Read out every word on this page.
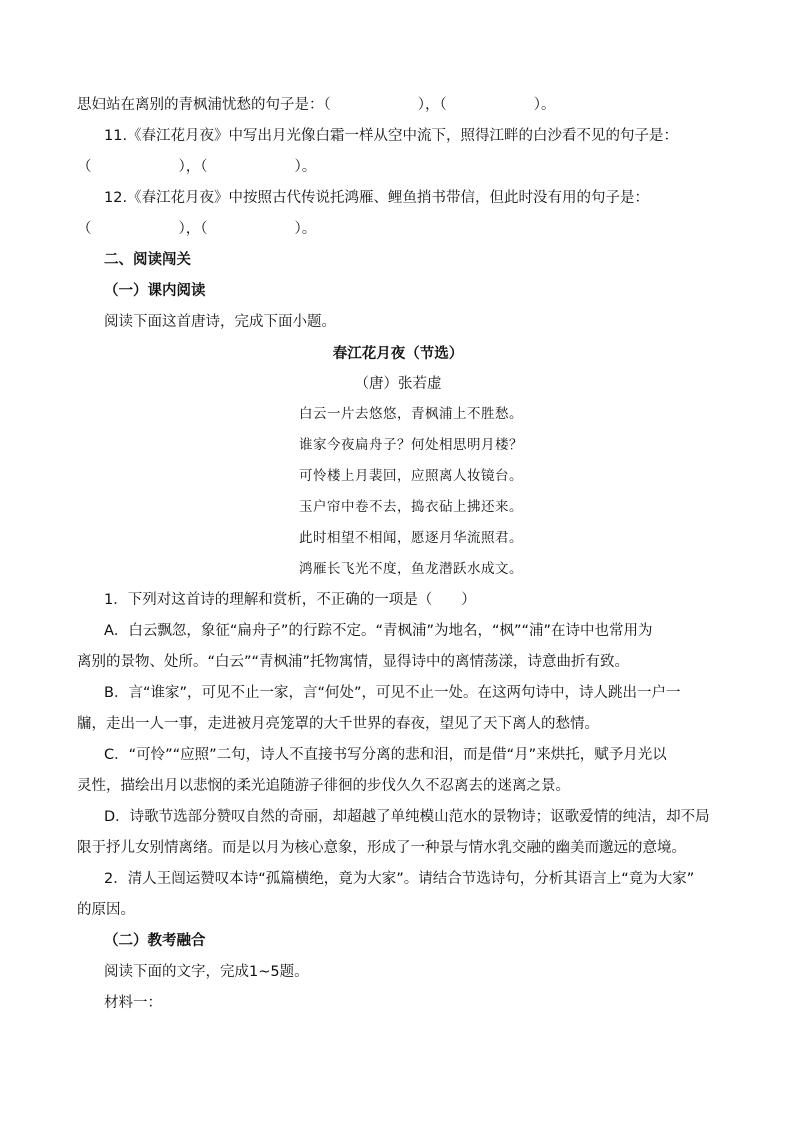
思妇站在离别的青枫浦忧愁的句子是：（　　　　　　），（　　　　　　）。
11.《春江花月夜》中写出月光像白霜一样从空中流下，照得江畔的白沙看不见的句子是：
（　　　　　　），（　　　　　　）。
12.《春江花月夜》中按照古代传说托鸿雁、鲤鱼捎书带信，但此时没有用的句子是：
（　　　　　　），（　　　　　　）。
二、阅读闯关
（一）课内阅读
阅读下面这首唐诗，完成下面小题。
春江花月夜（节选）
（唐）张若虚
白云一片去悠悠，青枫浦上不胜愁。
谁家今夜扁舟子？何处相思明月楼？
可怜楼上月裴回，应照离人妆镜台。
玉户帘中卷不去，捣衣砧上拂还来。
此时相望不相闻，愿逐月华流照君。
鸿雁长飞光不度，鱼龙潜跃水成文。
1．下列对这首诗的理解和赏析，不正确的一项是（　　）
A．白云飘忽，象征“扁舟子”的行踪不定。“青枫浦”为地名，“枫”“浦”在诗中也常用为
离别的景物、处所。“白云”“青枫浦”托物寓情，显得诗中的离情荡漾，诗意曲折有致。
B．言“谁家”，可见不止一家，言“何处”，可见不止一处。在这两句诗中，诗人跳出一户一
牖，走出一人一事，走进被月亮笼罩的大千世界的春夜，望见了天下离人的愁情。
C．“可怜”“应照”二句，诗人不直接书写分离的悲和泪，而是借“月”来烘托，赋予月光以
灵性，描绘出月以悲悯的柔光追随游子徘徊的步伐久久不忍离去的迷离之景。
D．诗歌节选部分赞叹自然的奇丽，却超越了单纯模山范水的景物诗；讴歌爱情的纯洁，却不局
限于抒儿女别情离绪。而是以月为核心意象，形成了一种景与情水乳交融的幽美而邈远的意境。
2．清人王闿运赞叹本诗“孤篇横绝，竟为大家”。请结合节选诗句，分析其语言上“竟为大家”
的原因。
（二）教考融合
阅读下面的文字，完成1~5题。
材料一：
